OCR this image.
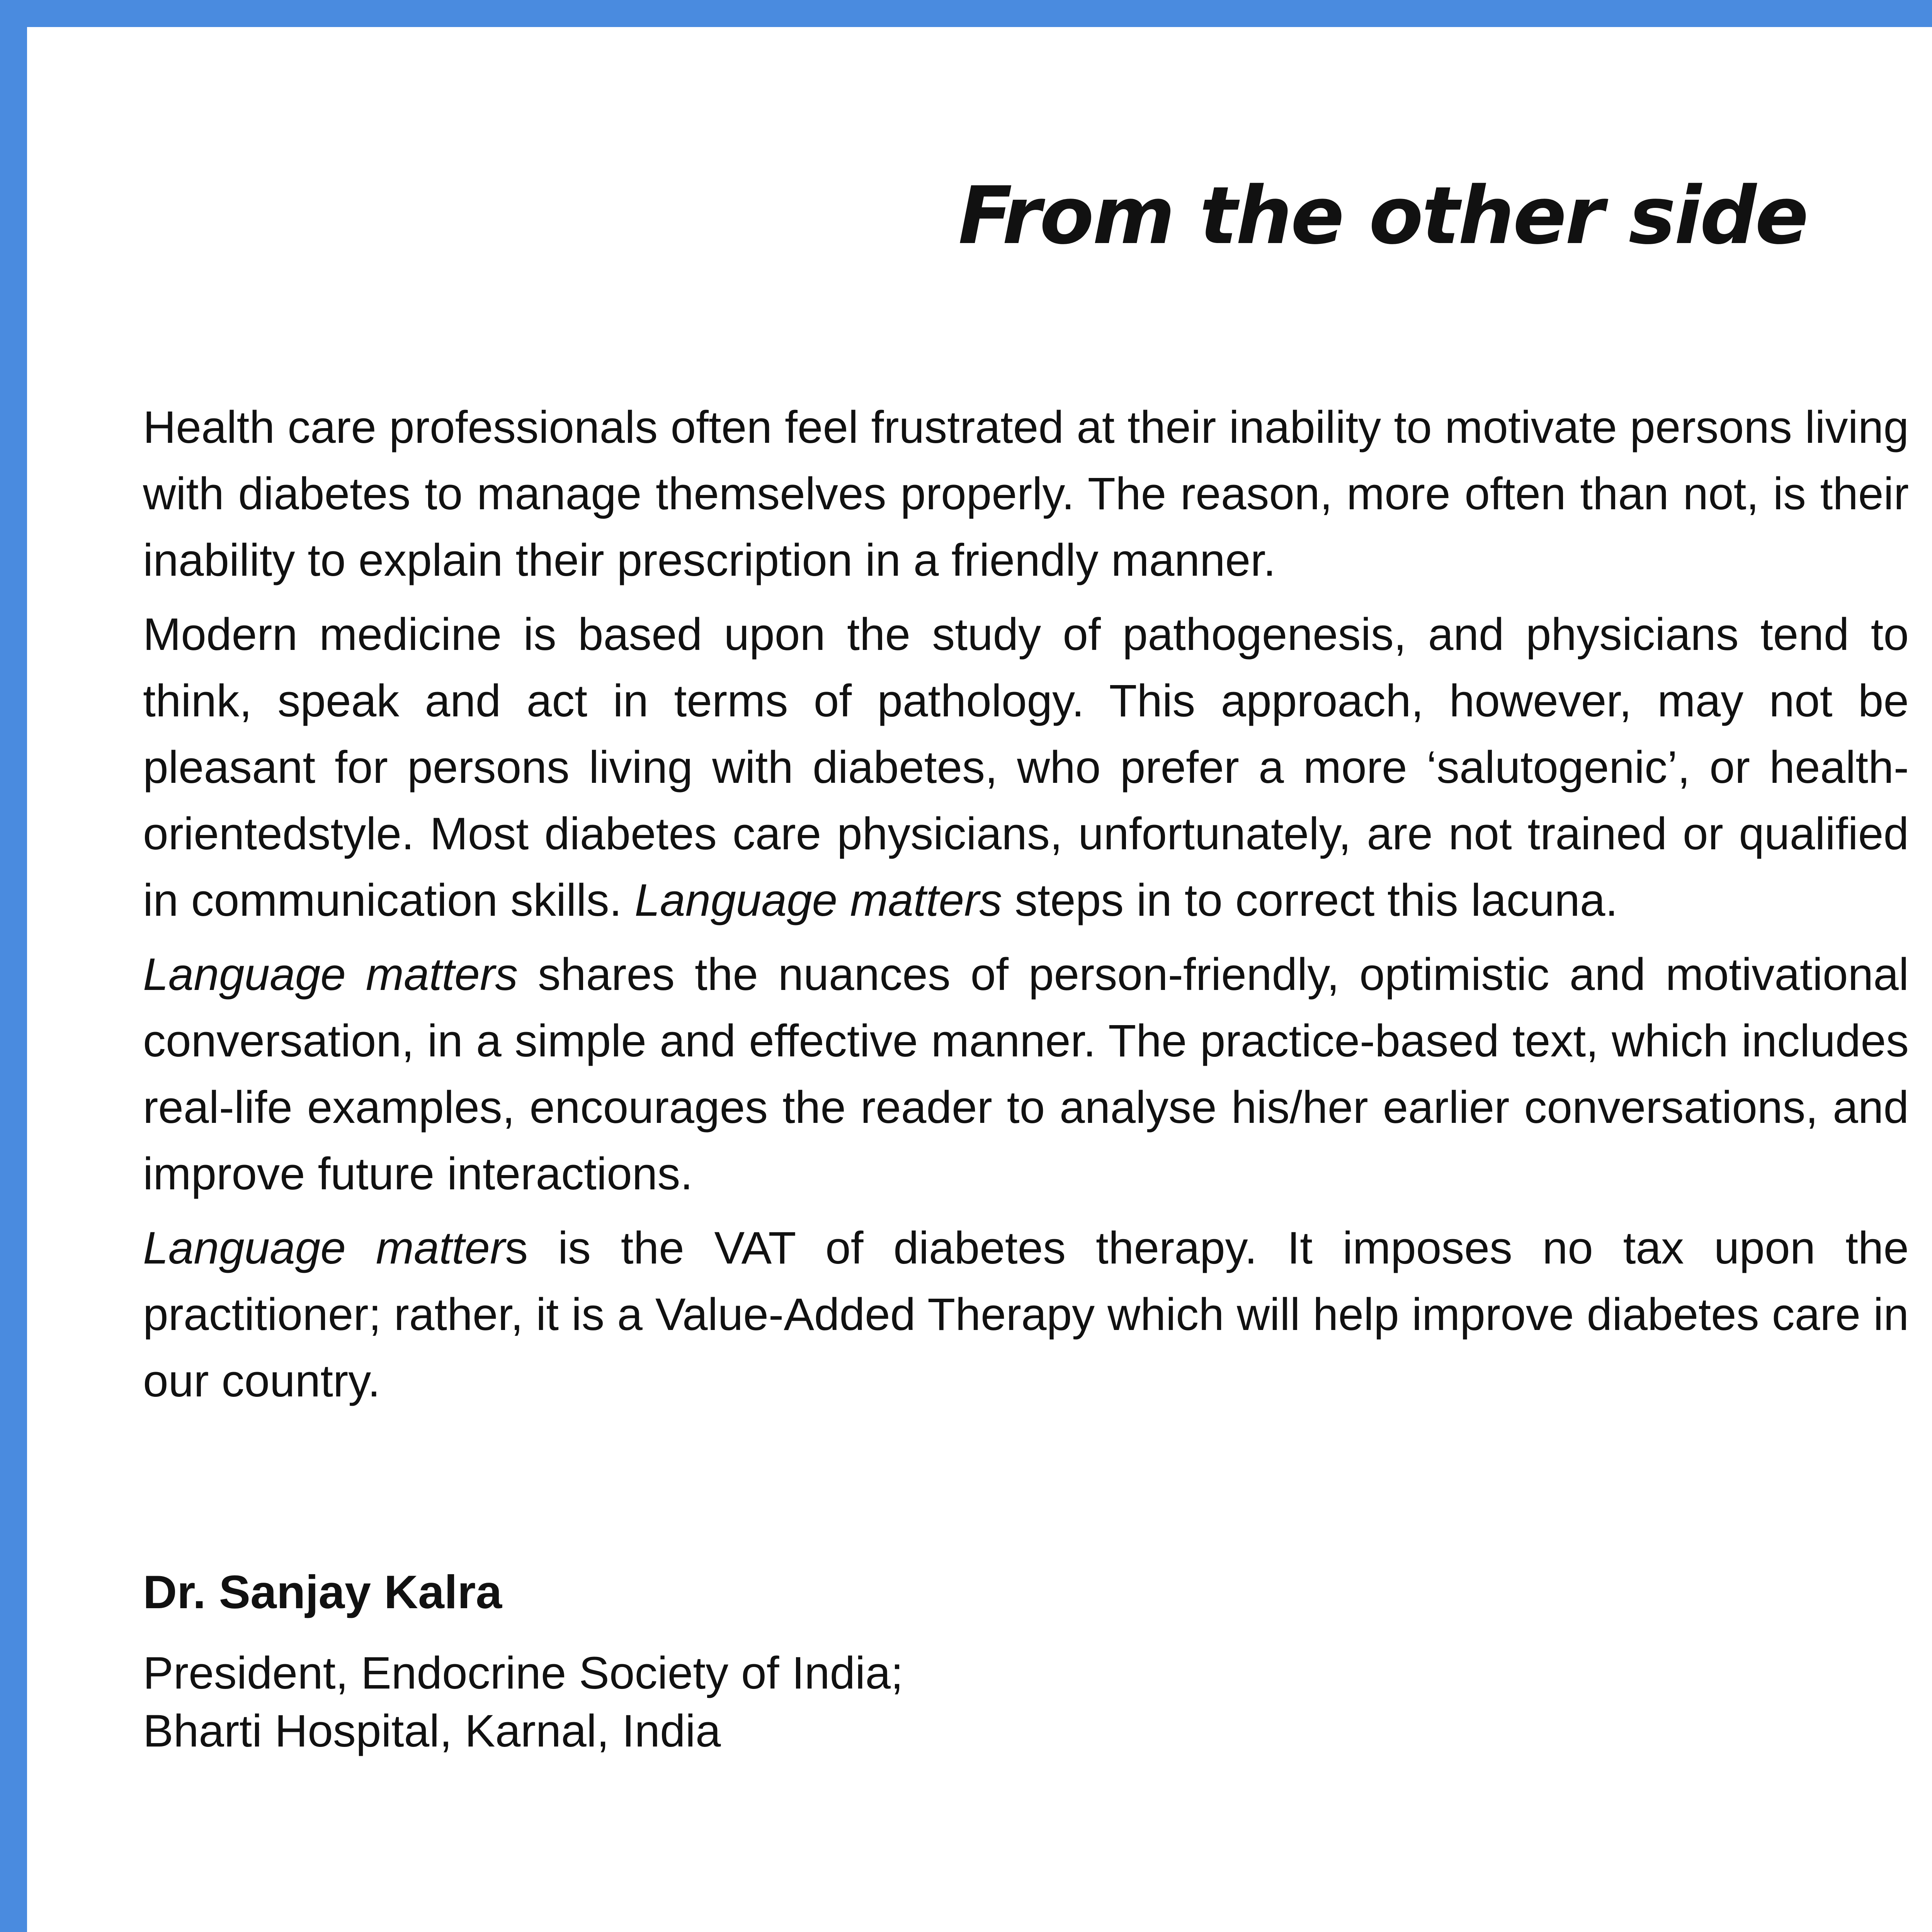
From the other side

Health care professionals often feel frustrated at their inability to motivate persons living with diabetes to manage themselves properly. The reason, more often than not, is their inability to explain their prescription in a friendly manner.

Modern medicine is based upon the study of pathogenesis, and physicians tend to think, speak and act in terms of pathology. This approach, however, may not be pleasant for persons living with diabetes, who prefer a more ‘salutogenic’, or health-orientedstyle. Most diabetes care physicians, unfortunately, are not trained or qualified in communication skills. Language matters steps in to correct this lacuna.

Language matters shares the nuances of person-friendly, optimistic and motivational conversation, in a simple and effective manner. The practice-based text, which includes real-life examples, encourages the reader to analyse his/her earlier conversations, and improve future interactions.

Language matters is the VAT of diabetes therapy. It imposes no tax upon the practitioner; rather, it is a Value-Added Therapy which will help improve diabetes care in our country.

Dr. Sanjay Kalra
President, Endocrine Society of India;
Bharti Hospital, Karnal, India
